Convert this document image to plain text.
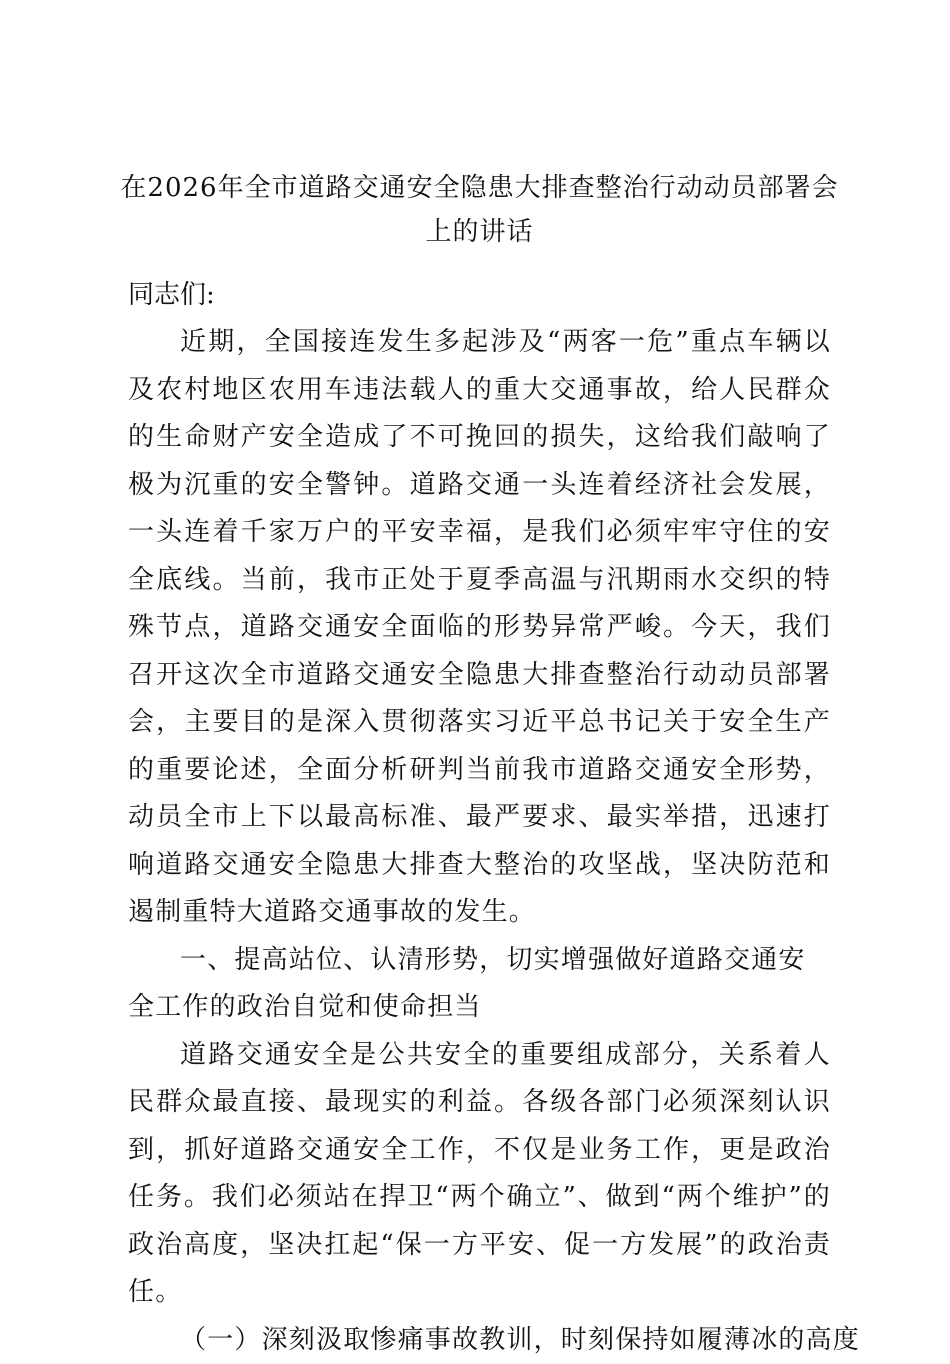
在2026年全市道路交通安全隐患大排查整治行动动员部署会上的讲话
同志们:

近期，全国接连发生多起涉及“两客一危”重点车辆以及农村地区农用车违法载人的重大交通事故，给人民群众的生命财产安全造成了不可挽回的损失，这给我们敲响了极为沉重的安全警钟。道路交通一头连着经济社会发展，一头连着千家万户的平安幸福，是我们必须牢牢守住的安全底线。当前，我市正处于夏季高温与汛期雨水交织的特殊节点，道路交通安全面临的形势异常严峻。今天，我们召开这次全市道路交通安全隐患大排查整治行动动员部署会，主要目的是深入贯彻落实习近平总书记关于安全生产的重要论述，全面分析研判当前我市道路交通安全形势，动员全市上下以最高标准、最严要求、最实举措，迅速打响道路交通安全隐患大排查大整治的攻坚战，坚决防范和遏制重特大道路交通事故的发生。

一、提高站位、认清形势，切实增强做好道路交通安全工作的政治自觉和使命担当

道路交通安全是公共安全的重要组成部分，关系着人民群众最直接、最现实的利益。各级各部门必须深刻认识到，抓好道路交通安全工作，不仅是业务工作，更是政治任务。我们必须站在捍卫“两个确立”、做到“两个维护”的政治高度，坚决扛起“保一方平安、促一方发展”的政治责任。

（一）深刻汲取惨痛事故教训，时刻保持如履薄冰的高度
